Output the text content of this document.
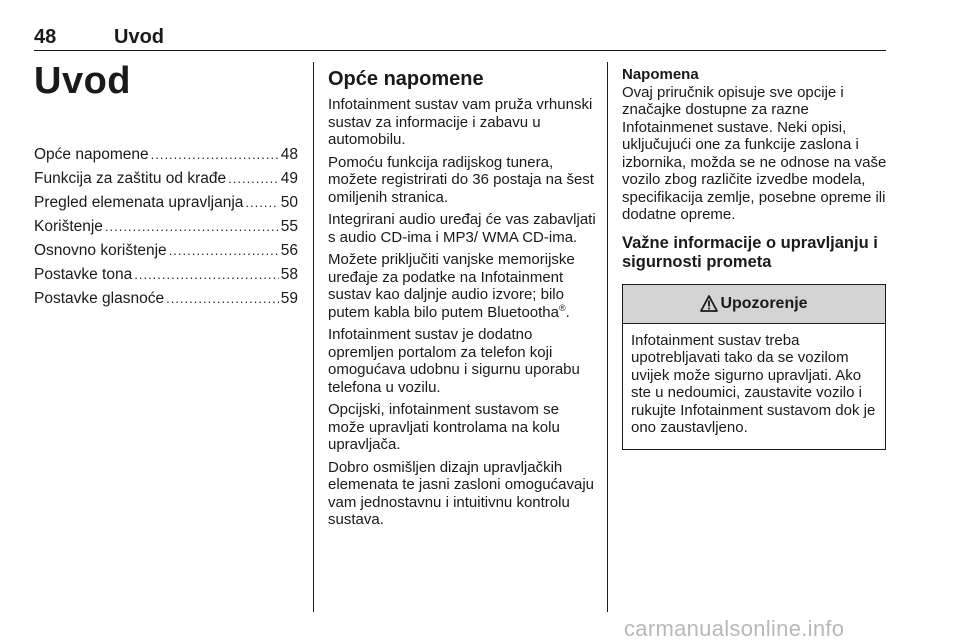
48	Uvod
Uvod
Opće napomene .....	48
Funkcija za zaštitu od krađe .....	49
Pregled elemenata upravljanja ..... 50
Korištenje .....	55
Osnovno korištenje .....	56
Postavke tona .....	58
Postavke glasnoće .....	59
Opće napomene

Infotainment sustav vam pruža vrhunski sustav za informacije i zabavu u automobilu.

Pomoću funkcija radijskog tunera, možete registrirati do 36 postaja na šest omiljenih stranica.

Integrirani audio uređaj će vas zabavljati s audio CD-ima i MP3/ WMA CD-ima.

Možete priključiti vanjske memorijske uređaje za podatke na Infotainment sustav kao daljnje audio izvore; bilo putem kabla bilo putem Bluetootha®.

Infotainment sustav je dodatno opremljen portalom za telefon koji omogućava udobnu i sigurnu uporabu telefona u vozilu.

Opcijski, infotainment sustavom se može upravljati kontrolama na kolu upravljača.

Dobro osmišljen dizajn upravljačkih elemenata te jasni zasloni omogućavaju vam jednostavnu i intuitivnu kontrolu sustava.

Napomena
Ovaj priručnik opisuje sve opcije i značajke dostupne za razne Infotainmenet sustave. Neki opisi, uključujući one za funkcije zaslona i izbornika, možda se ne odnose na vaše vozilo zbog različite izvedbe modela, specifikacija zemlje, posebne opreme ili dodatne opreme.
Važne informacije o upravljanju i sigurnosti prometa
Upozorenje
Infotainment sustav treba upotrebljavati tako da se vozilom uvijek može sigurno upravljati. Ako ste u nedoumici, zaustavite vozilo i rukujte Infotainment sustavom dok je ono zaustavljeno.
carmanualsonline.info
